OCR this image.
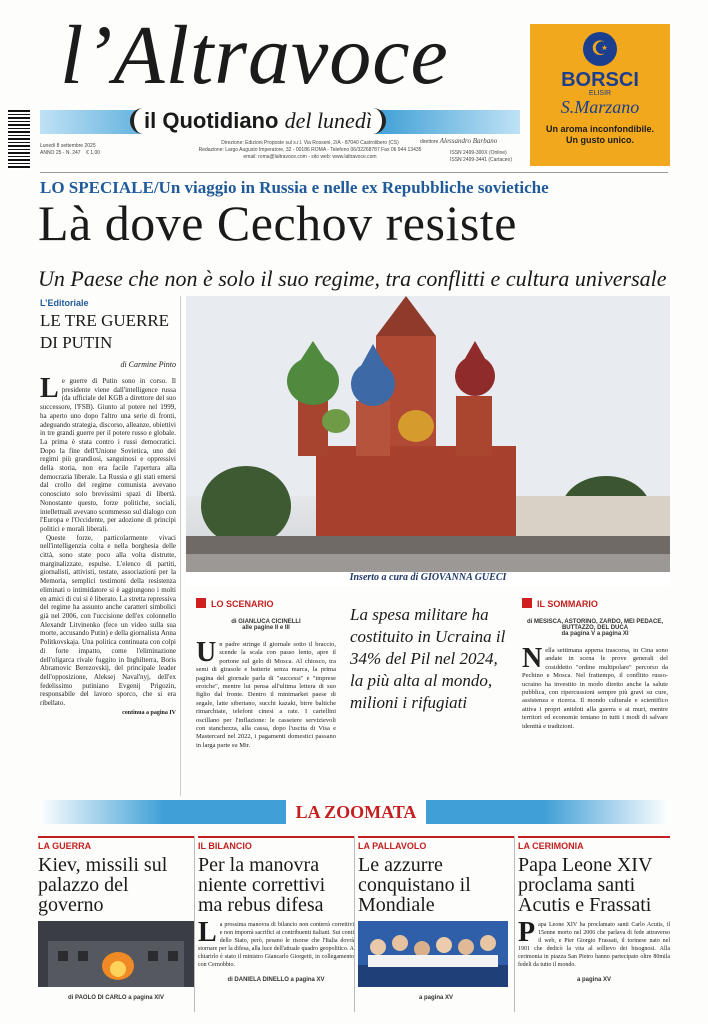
l’Altravoce
il Quotidiano del lunedì
Lunedì 8 settembre 2025
ANNO 25 - N. 247 € 1,00
Direzione: Edizioni Proposte sul s.r.l. Via Rosseni, 2/A - 87040 Castrolibero (CS)
Redazione: Largo Augusto Imperatore, 32 - 00186 ROMA - Telefono 06/32268787 Fax 06 944 13435
email: roma@laltravoce.com - sito web: www.laltravoce.com
direttore Alessandro Barbano
ISSN 2499-300X (Online)
ISSN 2499-3441 (Cartaceo)
☪
BORSCI
ELISIR
S.Marzano
Un aroma inconfondibile.
Un gusto unico.
LO SPECIALE/Un viaggio in Russia e nelle ex Repubbliche sovietiche
Là dove Cechov resiste
Un Paese che non è solo il suo regime, tra conflitti e cultura universale
L’Editoriale
LE TRE GUERRE
DI PUTIN
di Carmine Pinto
Le guerre di Putin sono in corso. Il presidente viene dall'intelligence russa (da ufficiale del KGB a direttore del suo successore, l'FSB). Giunto al potere nel 1999, ha aperto uno dopo l'altro una serie di fronti, adeguando strategia, discorso, alleanze, obiettivi in tre grandi guerre per il potere russo e globale. La prima è stata contro i russi democratici. Dopo la fine dell'Unione Sovietica, uno dei regimi più grandiosi, sanguinosi e oppressivi della storia, non era facile l'apertura alla democrazia liberale. La Russia e gli stati emersi dal crollo del regime comunista avevano conosciuto solo brevissimi spazi di libertà. Nonostante questo, forze politiche, sociali, intellettuali avevano scommesso sul dialogo con l'Europa e l'Occidente, per adozione di principi politici e morali liberali.
Queste forze, particolarmente vivaci nell'intelligenzia colta e nella borghesia delle città, sono state poco alla volta distrutte, marginalizzate, espulse. L'elenco di partiti, giornalisti, attivisti, testate, associazioni per la Memoria, semplici testimoni della resistenza eliminati o intimidatore si è aggiungono i molti en amici di cui si è liberato. La stretta repressiva del regime ha assunto anche caratteri simbolici già nel 2006, con l'uccisione dell'ex colonnello Alexandr Litvinenko (fece un video sulla sua morte, accusando Putin) e della giornalista Anna Politkovskaja. Una politica continuata con colpi di forte impatto, come l'eliminazione dell'oligarca rivale fuggito in Inghilterra, Boris Abramovic Berezovskij, del principale leader dell'opposizione, Aleksej Naval'nyj, dell'ex fedelissimo putiniano Evgenij Prigozin, responsabile del lavoro sporco, che si era ribellato.
continua a pagina IV
Inserto a cura di GIOVANNA GUECI
LO SCENARIO
di GIANLUCA CICINELLI
alle pagine II e III
Un padre stringe il giornale sotto il braccio, scende la scala con passo lento, apre il portone sul gelo di Mosca. Al chiosco, tra semi di girasole e batterie senza marca, la prima pagina del giornale parla di "successi" e "imprese eroiche", mentre lui pensa all'ultima lettera di suo figlio dal fronte. Dentro il minimarket paese di segale, latte siberiano, succhi kazaki, birre baltiche rimarchiate, telefoni cinesi a rate. I cartellini oscillano per l'inflazione: le casseiere servizievoli con stanchezza, alla cassa, dopo l'uscita di Visa e Mastercard nel 2022, i pagamenti domestici passano in larga parte su Mir.
La spesa militare ha costituito in Ucraina il 34% del Pil nel 2024, la più alta al mondo, milioni i rifugiati
IL SOMMARIO
di MESISCA, ASTORINO, ZARDO, MEI PEDACE, BUTTAZZO, DEL DUCA
da pagina V a pagina XI
Nella settimana appena trascorsa, in Cina sono andate in scena le prove generali del cosiddetto "ordine multipolare" percorso da Pechino e Mosca. Nel frattempo, il conflitto russo-ucraino ha investito in modo diretto anche la salute pubblica, con ripercussioni sempre più gravi su cure, assistenza e ricerca. Il mondo culturale e scientifico attiva i propri antidoti alla guerra e ai muri, mentre territori ed economie tentano in tutti i modi di salvare identità e tradizioni.
LA ZOOMATA
LA GUERRA
Kiev, missili sul palazzo del governo
di PAOLO DI CARLO a pagina XIV
IL BILANCIO
Per la manovra niente correttivi ma rebus difesa
La prossima manovra di bilancio non conterrà correttivi e non imporrà sacrifici ai contribuenti italiani. Sui conti dello Stato, però, pesano le risorse che l'Italia dovrà stornare per la difesa, alla luce dell'attuale quadro geopolitico. A chiarirlo è stato il ministro Giancarlo Giorgetti, in collegamento con Cernobbio.
di DANIELA DINELLO a pagina XV
LA PALLAVOLO
Le azzurre conquistano il Mondiale
a pagina XV
LA CERIMONIA
Papa Leone XIV proclama santi Acutis e Frassati
Papa Leone XIV ha proclamato santi Carlo Acutis, il 15enne morto nel 2006 che parlava di fede attraverso il web, e Pier Giorgio Frassati, il torinese nato nel 1901 che dedicò la vita al sollievo dei bisognosi. Alla cerimonia in piazza San Pietro hanno partecipato oltre 80mila fedeli da tutto il mondo.
a pagina XV
